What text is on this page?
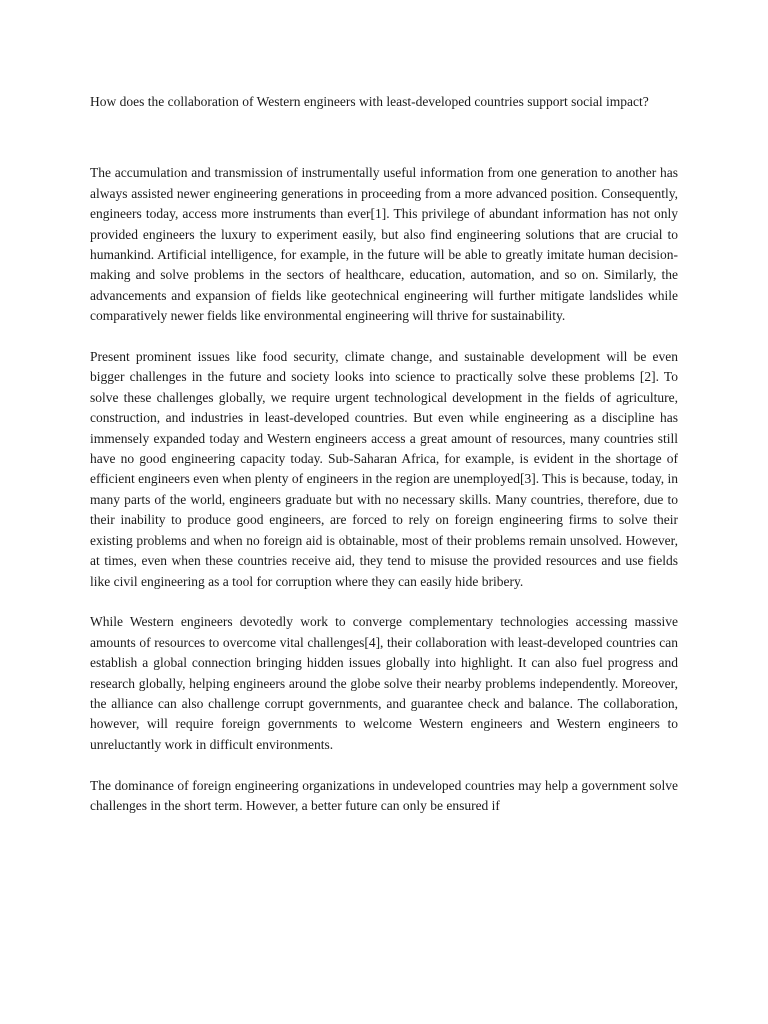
How does the collaboration of Western engineers with least-developed countries support social impact?

The accumulation and transmission of instrumentally useful information from one generation to another has always assisted newer engineering generations in proceeding from a more advanced position. Consequently, engineers today, access more instruments than ever[1]. This privilege of abundant information has not only provided engineers the luxury to experiment easily, but also find engineering solutions that are crucial to humankind. Artificial intelligence, for example, in the future will be able to greatly imitate human decision-making and solve problems in the sectors of healthcare, education, automation, and so on. Similarly, the advancements and expansion of fields like geotechnical engineering will further mitigate landslides while comparatively newer fields like environmental engineering will thrive for sustainability.

Present prominent issues like food security, climate change, and sustainable development will be even bigger challenges in the future and society looks into science to practically solve these problems [2]. To solve these challenges globally, we require urgent technological development in the fields of agriculture, construction, and industries in least-developed countries. But even while engineering as a discipline has immensely expanded today and Western engineers access a great amount of resources, many countries still have no good engineering capacity today. Sub-Saharan Africa, for example, is evident in the shortage of efficient engineers even when plenty of engineers in the region are unemployed[3]. This is because, today, in many parts of the world, engineers graduate but with no necessary skills. Many countries, therefore, due to their inability to produce good engineers, are forced to rely on foreign engineering firms to solve their existing problems and when no foreign aid is obtainable, most of their problems remain unsolved. However, at times, even when these countries receive aid, they tend to misuse the provided resources and use fields like civil engineering as a tool for corruption where they can easily hide bribery.

While Western engineers devotedly work to converge complementary technologies accessing massive amounts of resources to overcome vital challenges[4], their collaboration with least-developed countries can establish a global connection bringing hidden issues globally into highlight. It can also fuel progress and research globally, helping engineers around the globe solve their nearby problems independently. Moreover, the alliance can also challenge corrupt governments, and guarantee check and balance. The collaboration, however, will require foreign governments to welcome Western engineers and Western engineers to unreluctantly work in difficult environments.

The dominance of foreign engineering organizations in undeveloped countries may help a government solve challenges in the short term. However, a better future can only be ensured if
